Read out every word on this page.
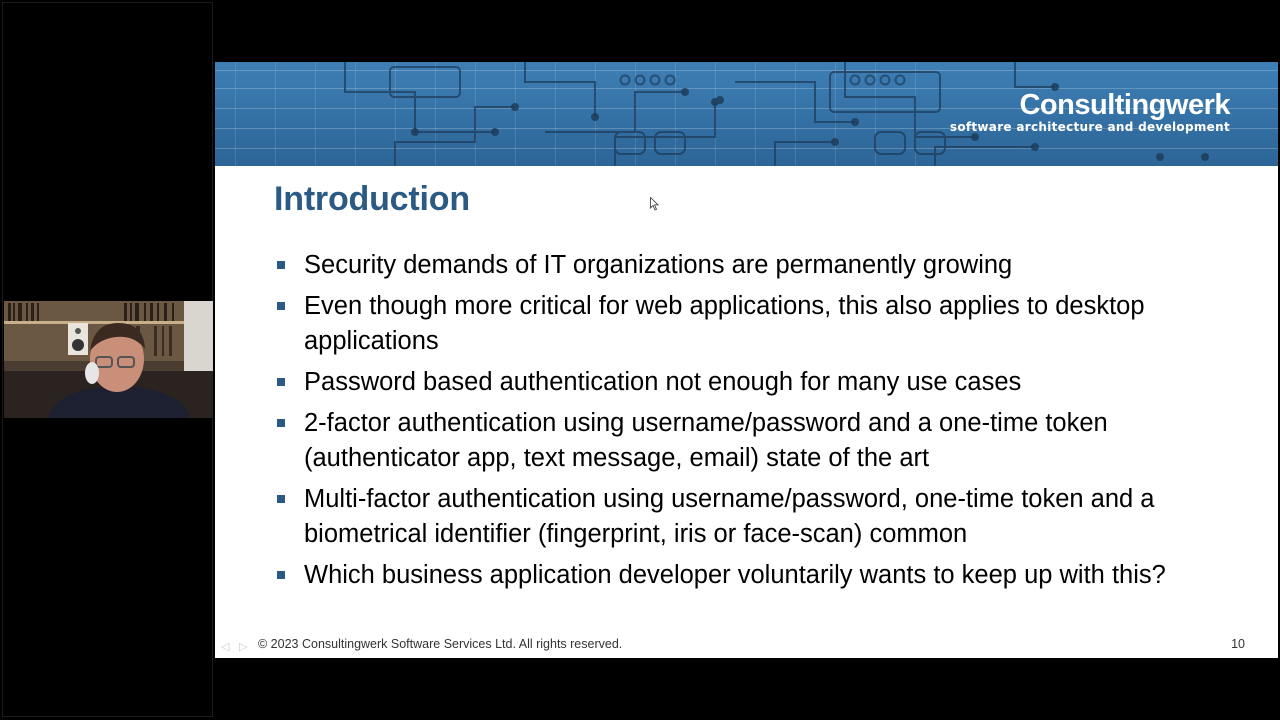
Consultingwerk
software architecture and development
Introduction
Security demands of IT organizations are permanently growing
Even though more critical for web applications, this also applies to desktop applications
Password based authentication not enough for many use cases
2-factor authentication using username/password and a one-time token (authenticator app, text message, email) state of the art
Multi-factor authentication using username/password, one-time token and a biometrical identifier (fingerprint, iris or face-scan) common
Which business application developer voluntarily wants to keep up with this?
◁ ▷ © 2023 Consultingwerk Software Services Ltd. All rights reserved.	10
